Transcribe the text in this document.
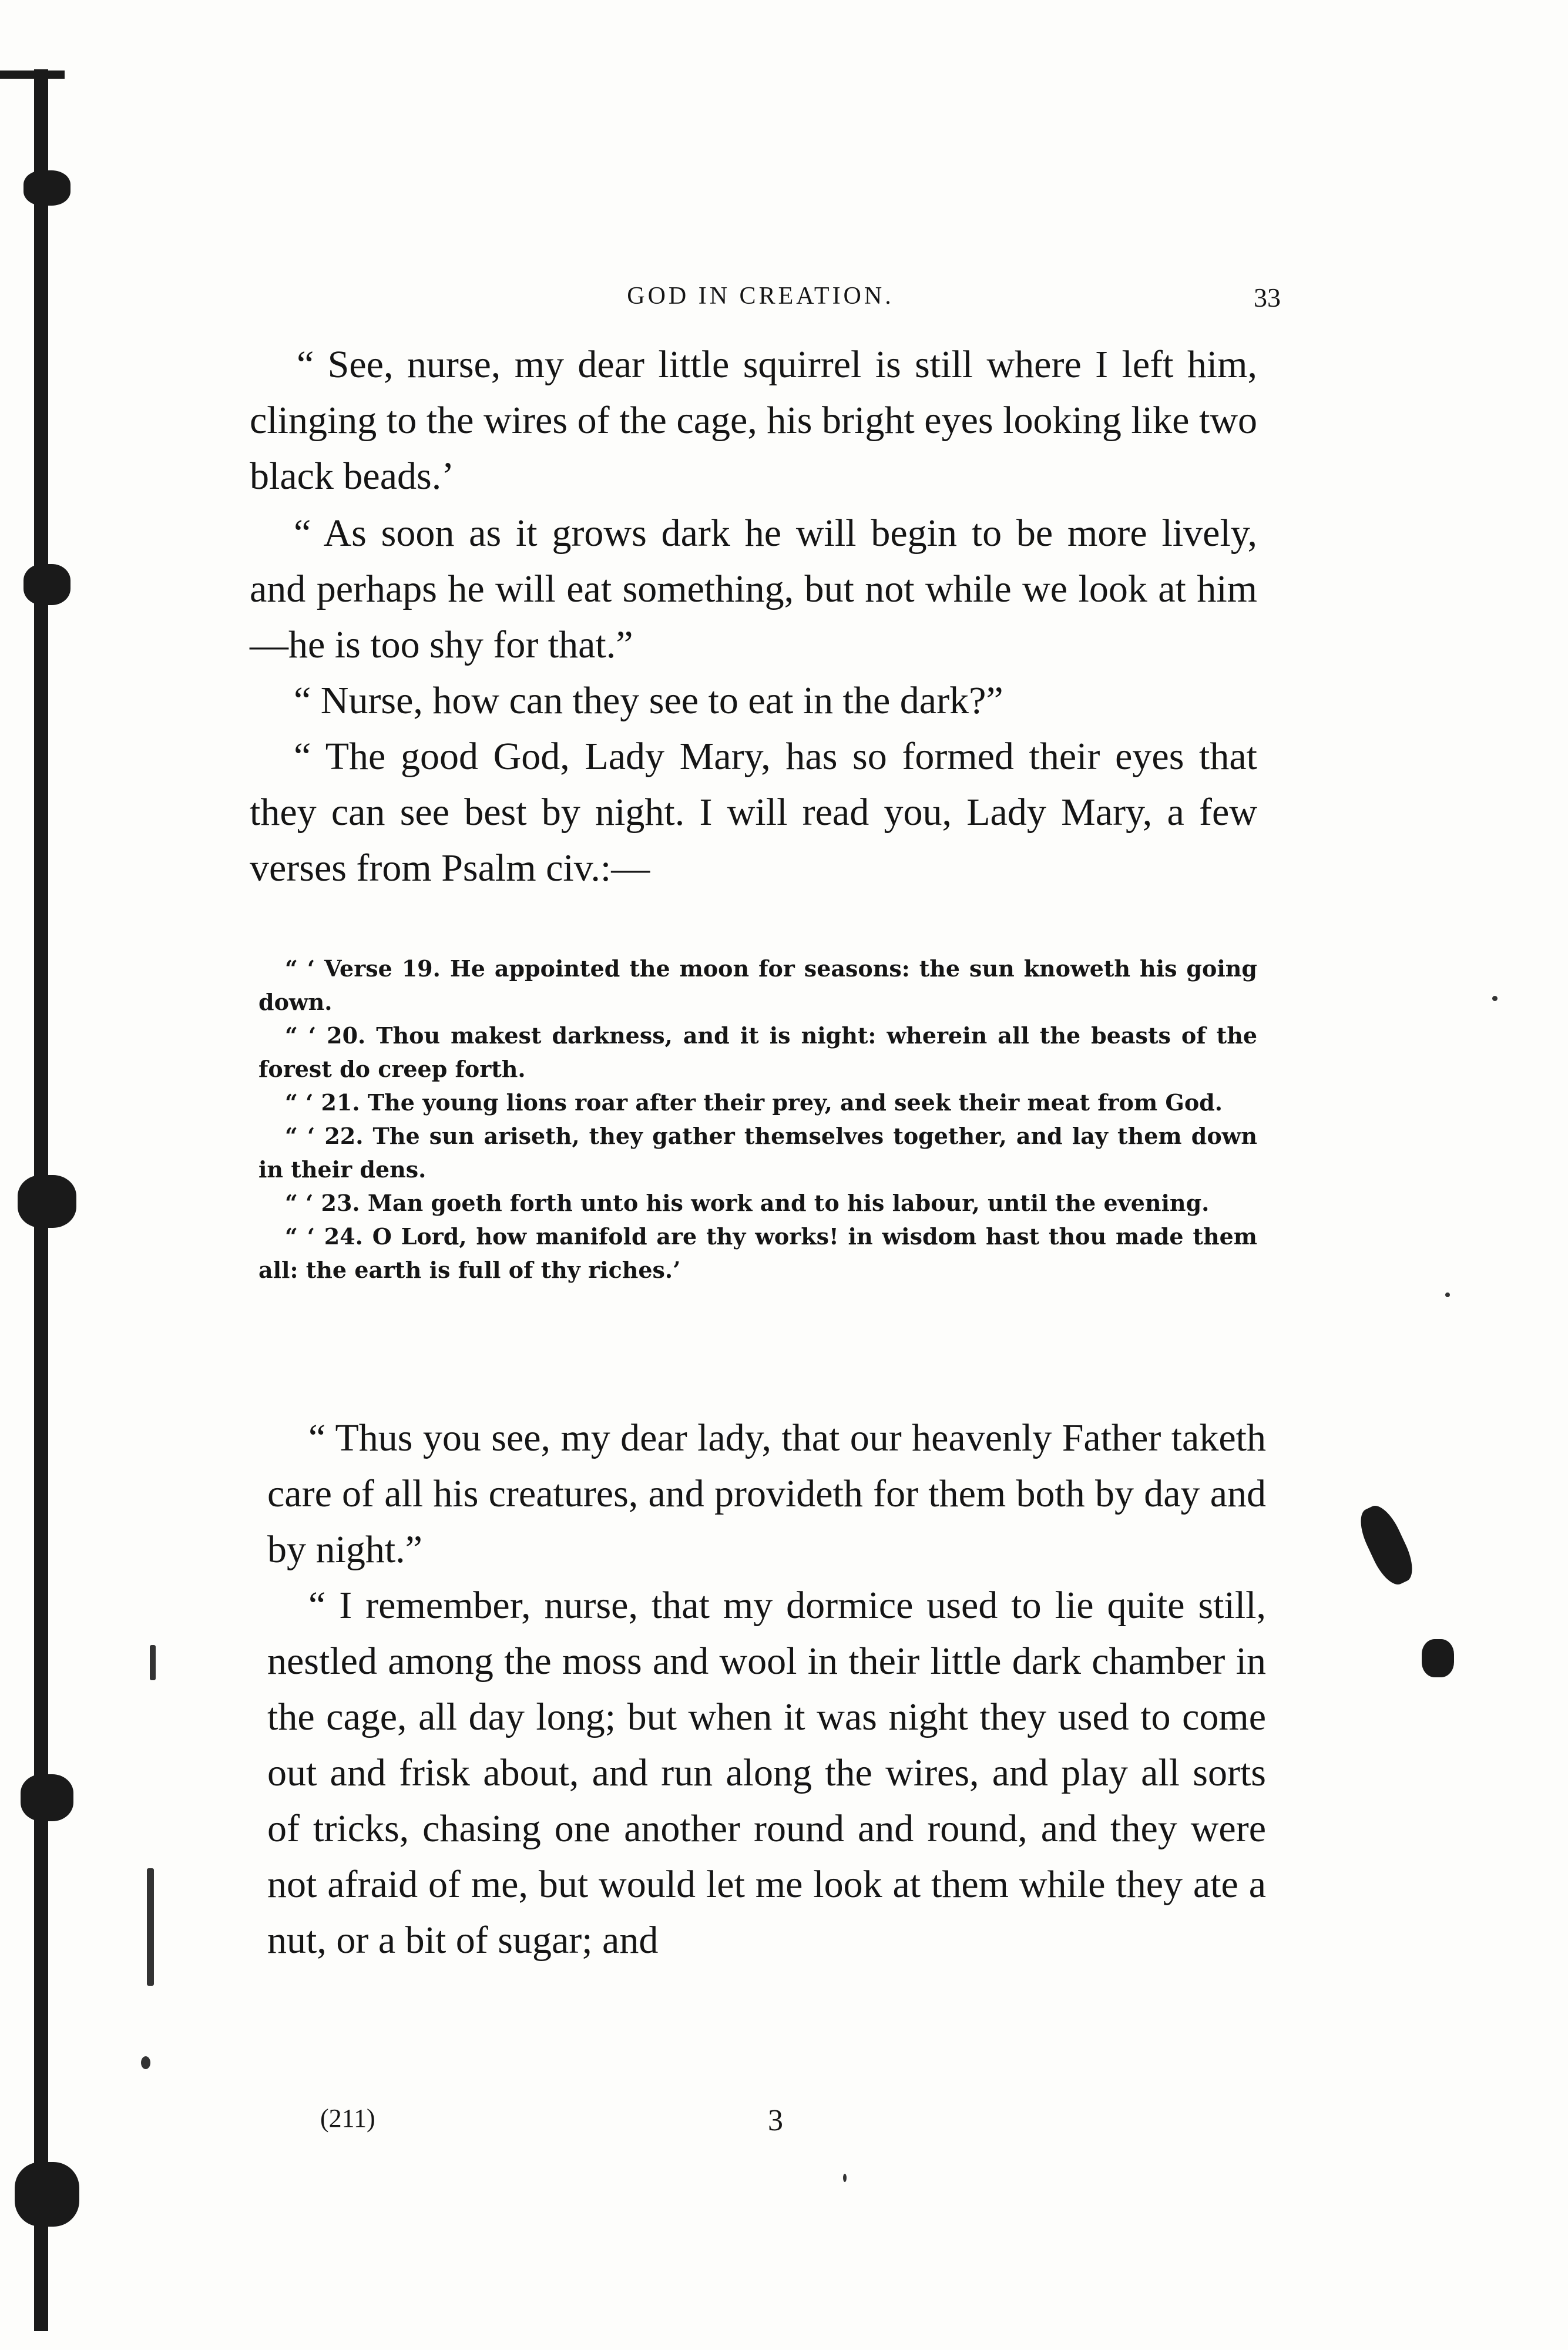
GOD IN CREATION.	33

“ See, nurse, my dear little squirrel is still where I left him, clinging to the wires of the cage, his bright eyes looking like two black beads.’

“ As soon as it grows dark he will begin to be more lively, and perhaps he will eat something, but not while we look at him—he is too shy for that.”

“ Nurse, how can they see to eat in the dark?”

“ The good God, Lady Mary, has so formed their eyes that they can see best by night. I will read you, Lady Mary, a few verses from Psalm civ.:—

“ ‘ Verse 19. He appointed the moon for seasons: the sun knoweth his going down.

“ ‘ 20. Thou makest darkness, and it is night: wherein all the beasts of the forest do creep forth.

“ ‘ 21. The young lions roar after their prey, and seek their meat from God.

“ ‘ 22. The sun ariseth, they gather themselves together, and lay them down in their dens.

“ ‘ 23. Man goeth forth unto his work and to his labour, until the evening.

“ ‘ 24. O Lord, how manifold are thy works! in wisdom hast thou made them all: the earth is full of thy riches.’

“ Thus you see, my dear lady, that our heavenly Father taketh care of all his creatures, and provideth for them both by day and by night.”

“ I remember, nurse, that my dormice used to lie quite still, nestled among the moss and wool in their little dark chamber in the cage, all day long; but when it was night they used to come out and frisk about, and run along the wires, and play all sorts of tricks, chasing one another round and round, and they were not afraid of me, but would let me look at them while they ate a nut, or a bit of sugar; and

(211)	3
